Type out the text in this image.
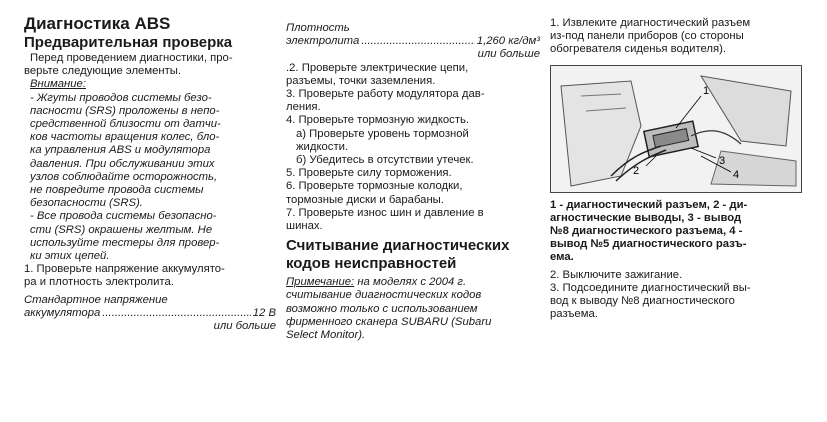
Диагностика ABS
Предварительная проверка
Перед проведением диагностики, про-
верьте следующие элементы.
Внимание:
- Жгуты проводов системы безо-
пасности (SRS) проложены в непо-
средственной близости от датчи-
ков частоты вращения колес, бло-
ка управления ABS и модулятора
давления. При обслуживании этих
узлов соблюдайте осторожность,
не повредите провода системы
безопасности (SRS).
- Все провода системы безопасно-
сти (SRS) окрашены желтым. Не
используйте тестеры для провер-
ки этих цепей.
1. Проверьте напряжение аккумулято-
ра и плотность электролита.
Стандартное напряжение
аккумулятора .....	12 В
или больше
Плотность
электролита .....	1,260 кг/дм³
или больше
.2. Проверьте электрические цепи,
разъемы, точки заземления.
3. Проверьте работу модулятора дав-
ления.
4. Проверьте тормозную жидкость.
а) Проверьте уровень тормозной
жидкости.
б) Убедитесь в отсутствии утечек.
5. Проверьте силу торможения.
6. Проверьте тормозные колодки,
тормозные диски и барабаны.
7. Проверьте износ шин и давление в
шинах.
Считывание диагностических
кодов неисправностей
Примечание: на моделях с 2004 г.
считывание диагностических кодов
возможно только с использованием
фирменного сканера SUBARU (Subaru
Select Monitor).
1. Извлеките диагностический разъем
из-под панели приборов (со стороны
обогревателя сиденья водителя).
1
2
3
4
1 - диагностический разъем, 2 - ди-
агностические выводы, 3 - вывод
№8 диагностического разъема, 4 -
вывод №5 диагностического разъ-
ема.
2. Выключите зажигание.
3. Подсоедините диагностический вы-
вод к выводу №8 диагностического
разъема.
